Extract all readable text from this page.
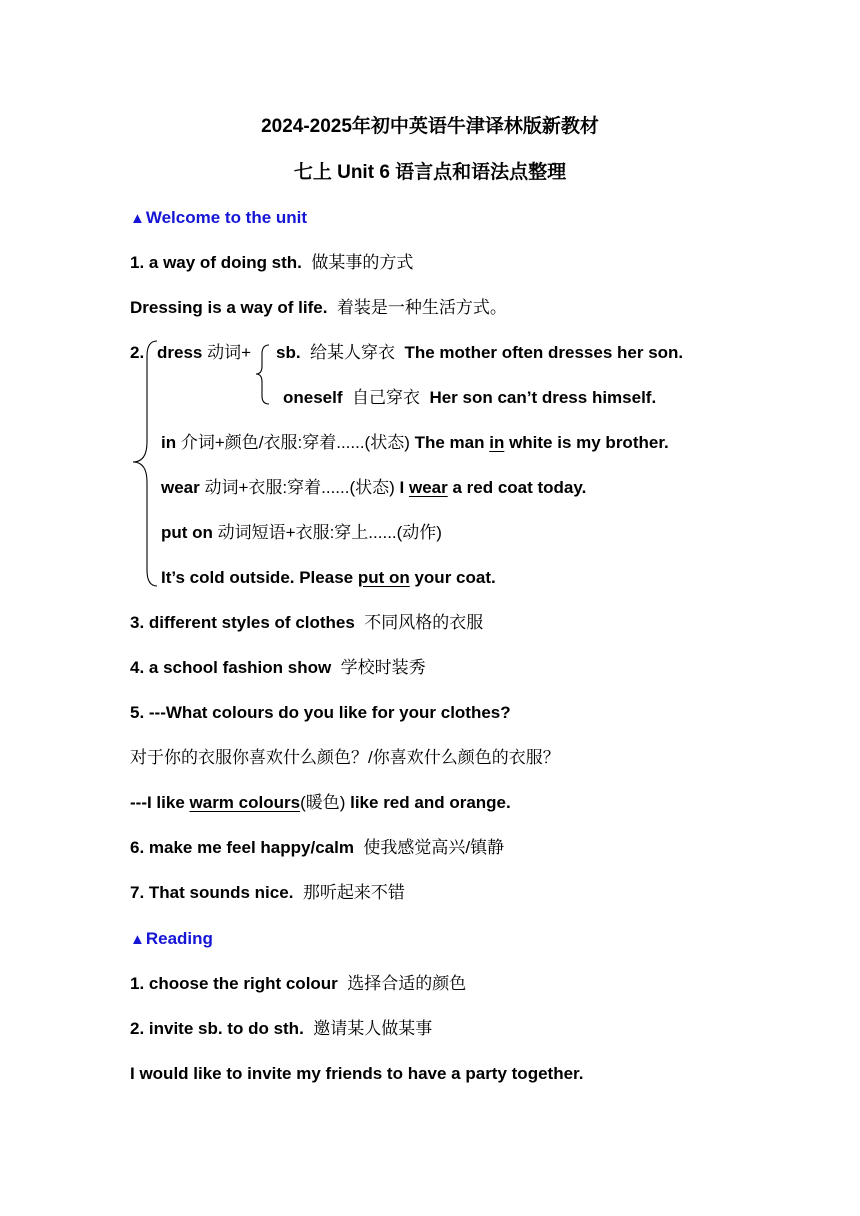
2024-2025年初中英语牛津译林版新教材
七上 Unit 6 语言点和语法点整理
▲Welcome to the unit
1. a way of doing sth. 做某事的方式
Dressing is a way of life. 着装是一种生活方式。
2. dress 动词+ sb. 给某人穿衣 The mother often dresses her son.
oneself 自己穿衣 Her son can’t dress himself.
in 介词+颜色/衣服:穿着......(状态) The man in white is my brother.
wear 动词+衣服:穿着......(状态) I wear a red coat today.
put on 动词短语+衣服:穿上......(动作)
It’s cold outside. Please put on your coat.
3. different styles of clothes 不同风格的衣服
4. a school fashion show 学校时装秀
5. ---What colours do you like for your clothes?
对于你的衣服你喜欢什么颜色？/你喜欢什么颜色的衣服？
---I like warm colours(暖色) like red and orange.
6. make me feel happy/calm 使我感觉高兴/镇静
7. That sounds nice. 那听起来不错
▲Reading
1. choose the right colour 选择合适的颜色
2. invite sb. to do sth. 邀请某人做某事
I would like to invite my friends to have a party together.
